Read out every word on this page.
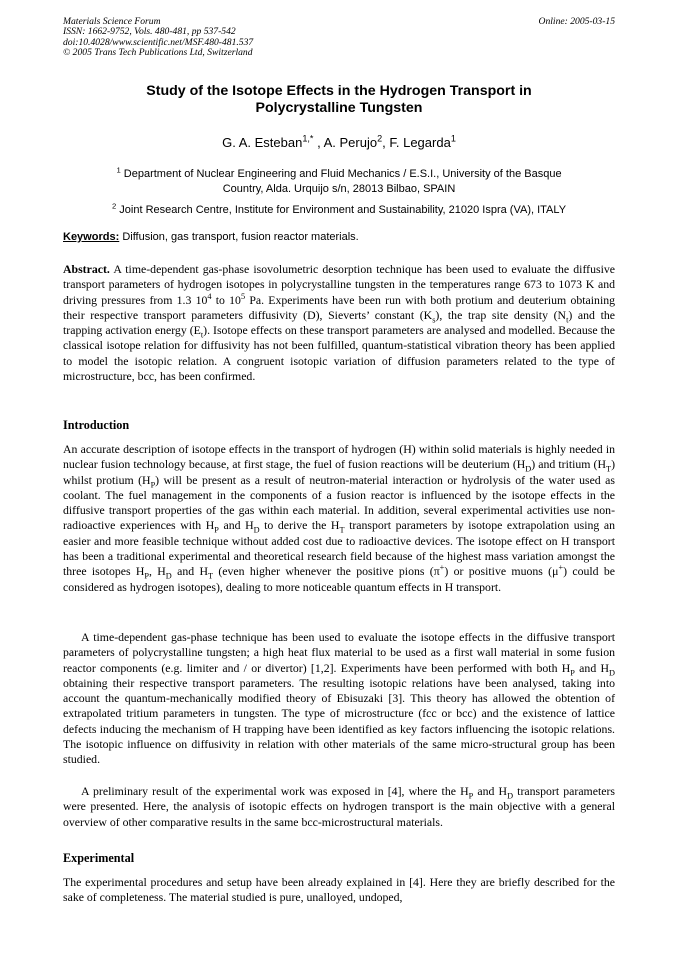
Materials Science Forum
ISSN: 1662-9752, Vols. 480-481, pp 537-542
doi:10.4028/www.scientific.net/MSF.480-481.537
© 2005 Trans Tech Publications Ltd, Switzerland
Online: 2005-03-15
Study of the Isotope Effects in the Hydrogen Transport in
Polycrystalline Tungsten
G. A. Esteban$^{1,*}$ , A. Perujo$^2$, F. Legarda$^1$
$^1$ Department of Nuclear Engineering and Fluid Mechanics / E.S.I., University of the Basque
Country, Alda. Urquijo s/n, 28013 Bilbao, SPAIN
$^2$ Joint Research Centre, Institute for Environment and Sustainability, 21020 Ispra (VA), ITALY
Keywords: Diffusion, gas transport, fusion reactor materials.
Abstract. A time-dependent gas-phase isovolumetric desorption technique has been used to evaluate the diffusive transport parameters of hydrogen isotopes in polycrystalline tungsten in the temperatures range 673 to 1073 K and driving pressures from 1.3 $10^4$ to $10^5$ Pa. Experiments have been run with both protium and deuterium obtaining their respective transport parameters diffusivity (D), Sieverts’ constant $(K_s)$, the trap site density $(N_t)$ and the trapping activation energy $(E_t)$. Isotope effects on these transport parameters are analysed and modelled. Because the classical isotope relation for diffusivity has not been fulfilled, quantum-statistical vibration theory has been applied to model the isotopic relation. A congruent isotopic variation of diffusion parameters related to the type of microstructure, bcc, has been confirmed.
Introduction
An accurate description of isotope effects in the transport of hydrogen (H) within solid materials is highly needed in nuclear fusion technology because, at first stage, the fuel of fusion reactions will be deuterium $(H_D)$ and tritium $(H_T)$ whilst protium $(H_P)$ will be present as a result of neutron-material interaction or hydrolysis of the water used as coolant. The fuel management in the components of a fusion reactor is influenced by the isotope effects in the diffusive transport properties of the gas within each material. In addition, several experimental activities use non-radioactive experiences with $H_P$ and $H_D$ to derive the $H_T$ transport parameters by isotope extrapolation using an easier and more feasible technique without added cost due to radioactive devices. The isotope effect on H transport has been a traditional experimental and theoretical research field because of the highest mass variation amongst the three isotopes $H_P$, $H_D$ and $H_T$ (even higher whenever the positive pions (π+) or positive muons (μ+) could be considered as hydrogen isotopes), dealing to more noticeable quantum effects in H transport.
A time-dependent gas-phase technique has been used to evaluate the isotope effects in the diffusive transport parameters of polycrystalline tungsten; a high heat flux material to be used as a first wall material in some fusion reactor components (e.g. limiter and / or divertor) [1,2]. Experiments have been performed with both $H_P$ and $H_D$ obtaining their respective transport parameters. The resulting isotopic relations have been analysed, taking into account the quantum-mechanically modified theory of Ebisuzaki [3]. This theory has allowed the obtention of extrapolated tritium parameters in tungsten. The type of microstructure (fcc or bcc) and the existence of lattice defects inducing the mechanism of H trapping have been identified as key factors influencing the isotopic relations. The isotopic influence on diffusivity in relation with other materials of the same micro-structural group has been studied.
A preliminary result of the experimental work was exposed in [4], where the $H_P$ and $H_D$ transport parameters were presented. Here, the analysis of isotopic effects on hydrogen transport is the main objective with a general overview of other comparative results in the same bcc-microstructural materials.
Experimental
The experimental procedures and setup have been already explained in [4]. Here they are briefly described for the sake of completeness. The material studied is pure, unalloyed, undoped,
